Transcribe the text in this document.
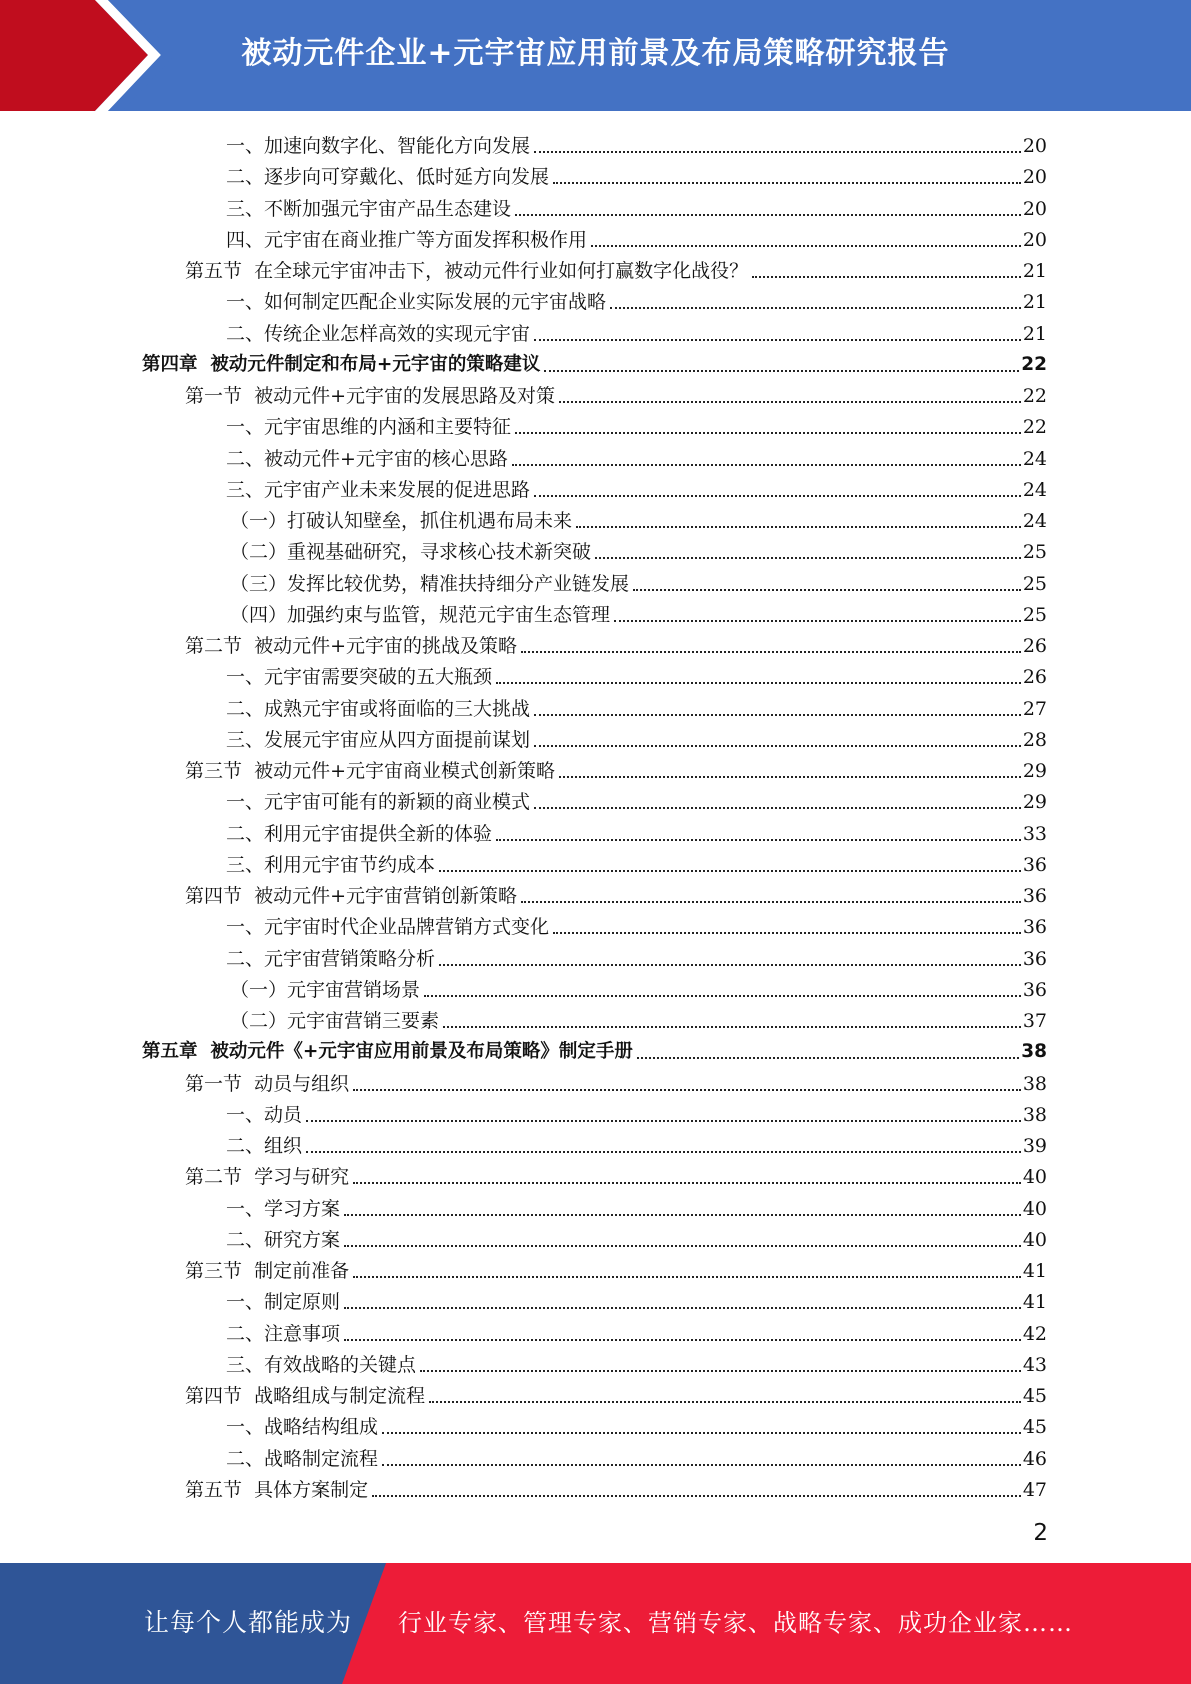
被动元件企业+元宇宙应用前景及布局策略研究报告
一、加速向数字化、智能化方向发展	20
二、逐步向可穿戴化、低时延方向发展	20
三、不断加强元宇宙产品生态建设	20
四、元宇宙在商业推广等方面发挥积极作用	20
第五节  在全球元宇宙冲击下，被动元件行业如何打赢数字化战役？	21
一、如何制定匹配企业实际发展的元宇宙战略	21
二、传统企业怎样高效的实现元宇宙	21
第四章  被动元件制定和布局+元宇宙的策略建议	22
第一节  被动元件+元宇宙的发展思路及对策	22
一、元宇宙思维的内涵和主要特征	22
二、被动元件+元宇宙的核心思路	24
三、元宇宙产业未来发展的促进思路	24
（一）打破认知壁垒，抓住机遇布局未来	24
（二）重视基础研究，寻求核心技术新突破	25
（三）发挥比较优势，精准扶持细分产业链发展	25
（四）加强约束与监管，规范元宇宙生态管理	25
第二节  被动元件+元宇宙的挑战及策略	26
一、元宇宙需要突破的五大瓶颈	26
二、成熟元宇宙或将面临的三大挑战	27
三、发展元宇宙应从四方面提前谋划	28
第三节  被动元件+元宇宙商业模式创新策略	29
一、元宇宙可能有的新颖的商业模式	29
二、利用元宇宙提供全新的体验	33
三、利用元宇宙节约成本	36
第四节  被动元件+元宇宙营销创新策略	36
一、元宇宙时代企业品牌营销方式变化	36
二、元宇宙营销策略分析	36
（一）元宇宙营销场景	36
（二）元宇宙营销三要素	37
第五章  被动元件《+元宇宙应用前景及布局策略》制定手册	38
第一节  动员与组织	38
一、动员	38
二、组织	39
第二节  学习与研究	40
一、学习方案	40
二、研究方案	40
第三节  制定前准备	41
一、制定原则	41
二、注意事项	42
三、有效战略的关键点	43
第四节  战略组成与制定流程	45
一、战略结构组成	45
二、战略制定流程	46
第五节  具体方案制定	47
2
让每个人都能成为 行业专家、管理专家、营销专家、战略专家、成功企业家……
